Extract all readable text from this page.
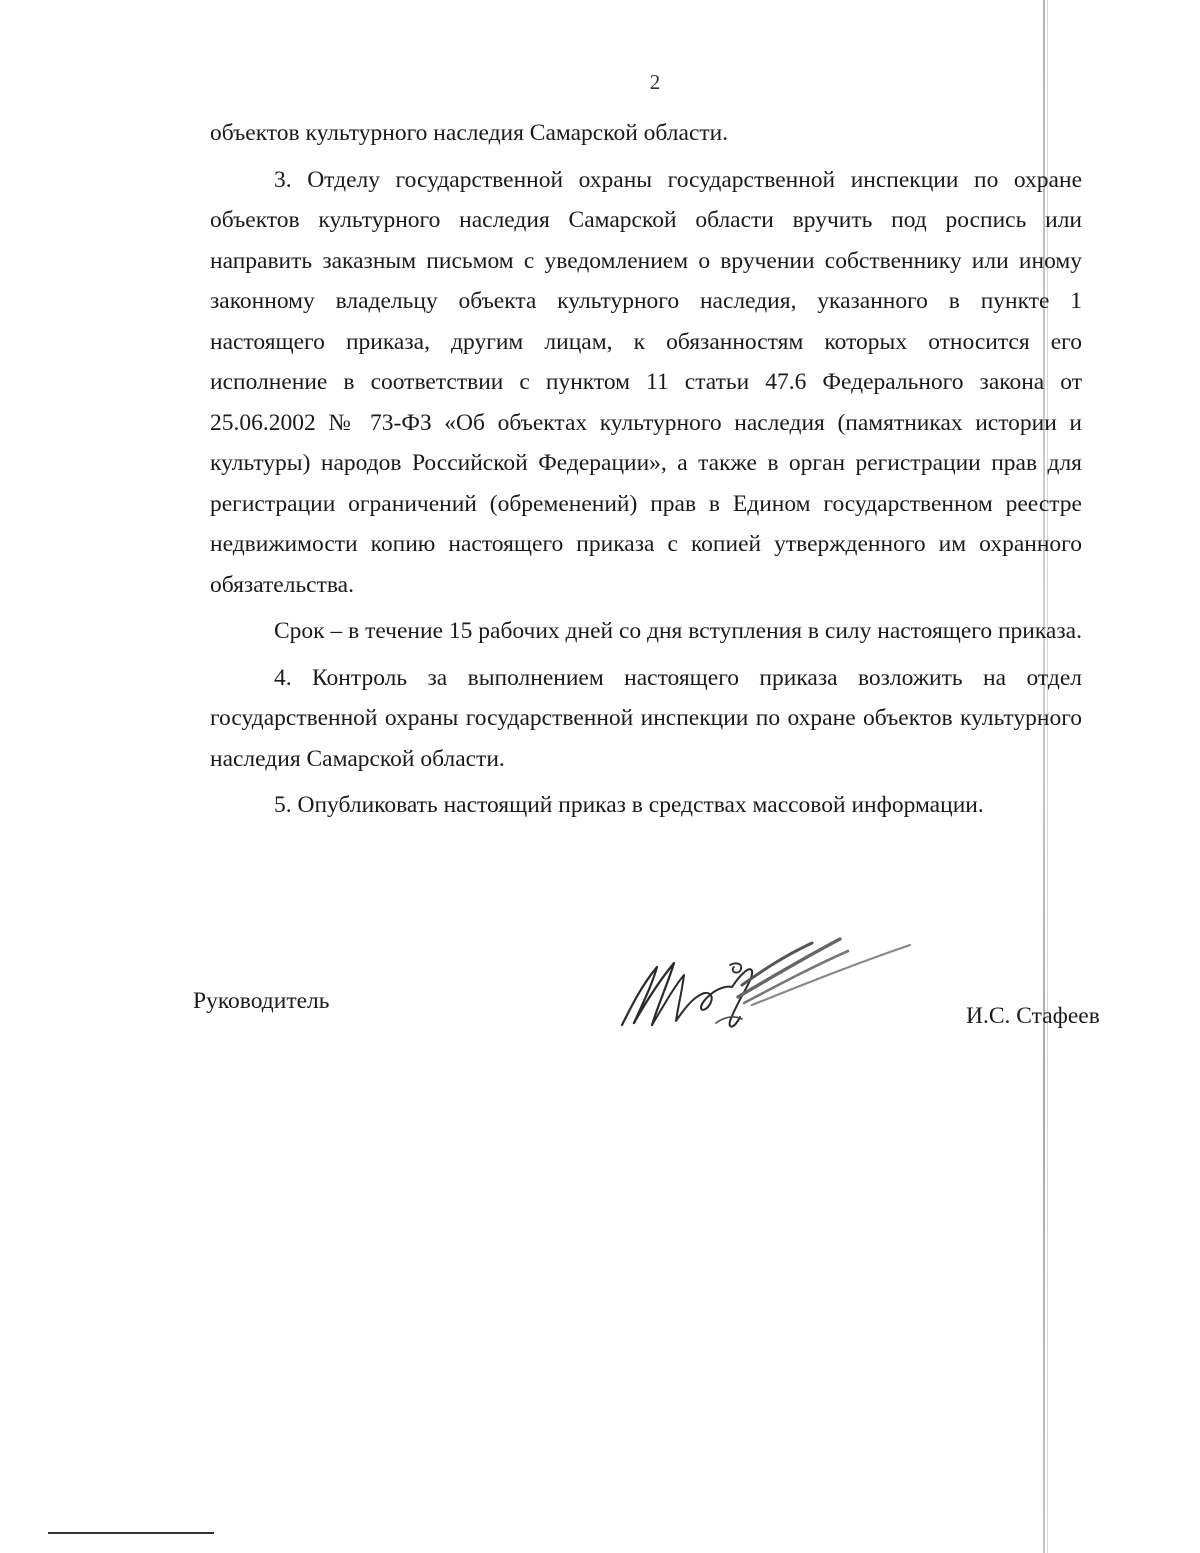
2

объектов культурного наследия Самарской области.

3. Отделу государственной охраны государственной инспекции по охране объектов культурного наследия Самарской области вручить под роспись или направить заказным письмом с уведомлением о вручении собственнику или иному законному владельцу объекта культурного наследия, указанного в пункте 1 настоящего приказа, другим лицам, к обязанностям которых относится его исполнение в соответствии с пунктом 11 статьи 47.6 Федерального закона от 25.06.2002 № 73-ФЗ «Об объектах культурного наследия (памятниках истории и культуры) народов Российской Федерации», а также в орган регистрации прав для регистрации ограничений (обременений) прав в Едином государственном реестре недвижимости копию настоящего приказа с копией утвержденного им охранного обязательства.

Срок – в течение 15 рабочих дней со дня вступления в силу настоящего приказа.

4. Контроль за выполнением настоящего приказа возложить на отдел государственной охраны государственной инспекции по охране объектов культурного наследия Самарской области.

5. Опубликовать настоящий приказ в средствах массовой информации.

Руководитель
И.С. Стафеев
